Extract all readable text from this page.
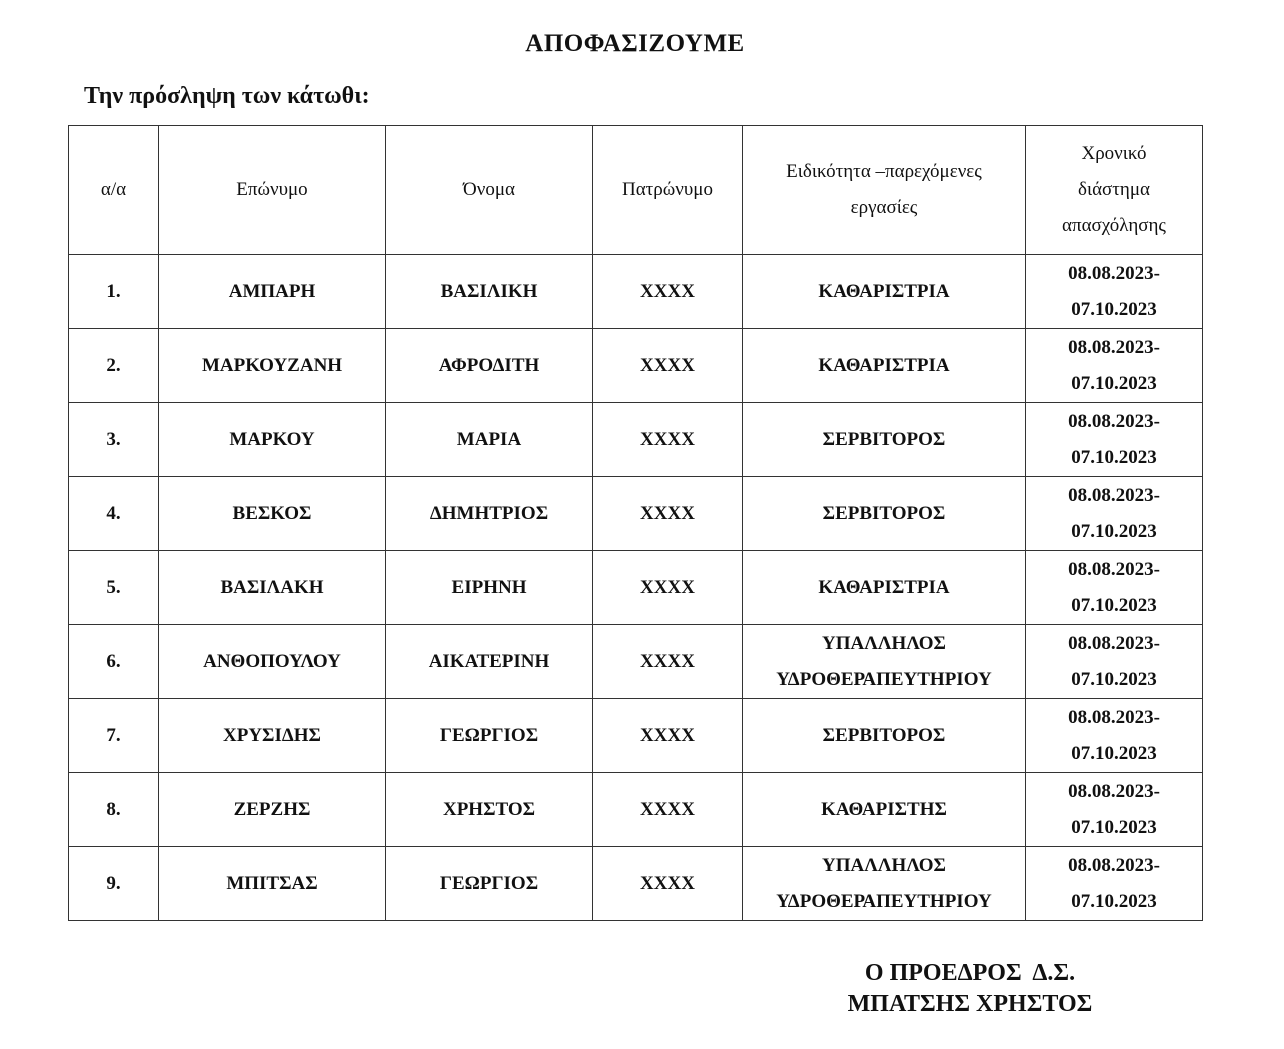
ΑΠΟΦΑΣΙΖΟΥΜΕ
Την πρόσληψη των κάτωθι:
α/α	Επώνυμο	Όνομα	Πατρώνυμο	Ειδικότητα –παρεχόμενες εργασίες	Χρονικό διάστημα απασχόλησης
1.	ΑΜΠΑΡΗ	ΒΑΣΙΛΙΚΗ	ΧΧΧΧ	ΚΑΘΑΡΙΣΤΡΙΑ	08.08.2023-
07.10.2023

2.	ΜΑΡΚΟΥΖΑΝΗ	ΑΦΡΟΔΙΤΗ	ΧΧΧΧ	ΚΑΘΑΡΙΣΤΡΙΑ	08.08.2023-
07.10.2023

3.	ΜΑΡΚΟΥ	ΜΑΡΙΑ	ΧΧΧΧ	ΣΕΡΒΙΤΟΡΟΣ	08.08.2023-
07.10.2023

4.	ΒΕΣΚΟΣ	ΔΗΜΗΤΡΙΟΣ	ΧΧΧΧ	ΣΕΡΒΙΤΟΡΟΣ	08.08.2023-
07.10.2023

5.	ΒΑΣΙΛΑΚΗ	ΕΙΡΗΝΗ	ΧΧΧΧ	ΚΑΘΑΡΙΣΤΡΙΑ	08.08.2023-
07.10.2023

6.	ΑΝΘΟΠΟΥΛΟΥ	ΑΙΚΑΤΕΡΙΝΗ	ΧΧΧΧ	ΥΠΑΛΛΗΛΟΣ ΥΔΡΟΘΕΡΑΠΕΥΤΗΡΙΟΥ	08.08.2023-
07.10.2023

7.	ΧΡΥΣΙΔΗΣ	ΓΕΩΡΓΙΟΣ	ΧΧΧΧ	ΣΕΡΒΙΤΟΡΟΣ	08.08.2023-
07.10.2023

8.	ΖΕΡΖΗΣ	ΧΡΗΣΤΟΣ	ΧΧΧΧ	ΚΑΘΑΡΙΣΤΗΣ	08.08.2023-
07.10.2023

9.	ΜΠΙΤΣΑΣ	ΓΕΩΡΓΙΟΣ	ΧΧΧΧ	ΥΠΑΛΛΗΛΟΣ ΥΔΡΟΘΕΡΑΠΕΥΤΗΡΙΟΥ	08.08.2023-
07.10.2023
Ο ΠΡΟΕΔΡΟΣ  Δ.Σ.
ΜΠΑΤΣΗΣ ΧΡΗΣΤΟΣ
